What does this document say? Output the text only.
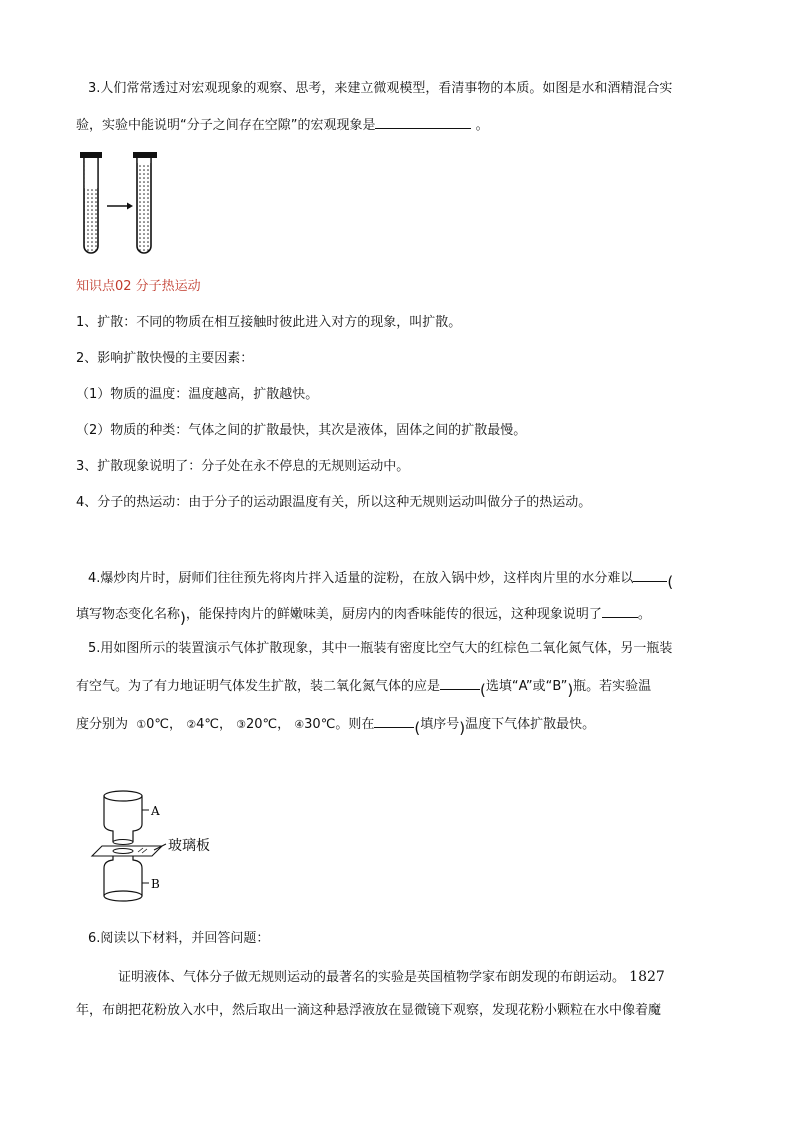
3.人们常常透过对宏观现象的观察、思考，来建立微观模型，看清事物的本质。如图是水和酒精混合实
验，实验中能说明“分子之间存在空隙”的宏观现象是	。
知识点02 分子热运动
1、扩散：不同的物质在相互接触时彼此进入对方的现象，叫扩散。
2、影响扩散快慢的主要因素：
（1）物质的温度：温度越高，扩散越快。
（2）物质的种类：气体之间的扩散最快，其次是液体，固体之间的扩散最慢。
3、扩散现象说明了：分子处在永不停息的无规则运动中。
4、分子的热运动：由于分子的运动跟温度有关，所以这种无规则运动叫做分子的热运动。
4.爆炒肉片时，厨师们往往预先将肉片拌入适量的淀粉，在放入锅中炒，这样肉片里的水分难以 (
填写物态变化名称)，能保持肉片的鲜嫩味美，厨房内的肉香味能传的很远，这种现象说明了	。
5.用如图所示的装置演示气体扩散现象，其中一瓶装有密度比空气大的红棕色二氧化氮气体，另一瓶装
有空气。为了有力地证明气体发生扩散，装二氧化氮气体的应是	(选填“A”或“B”)瓶。若实验温
度分别为 ①0℃， ②4℃， ③20℃， ④30℃。则在	(填序号)温度下气体扩散最快。
A
玻璃板
B
6.阅读以下材料，并回答问题：
证明液体、气体分子做无规则运动的最著名的实验是英国植物学家布朗发现的布朗运动。 1827
年，布朗把花粉放入水中，然后取出一滴这种悬浮液放在显微镜下观察，发现花粉小颗粒在水中像着魔
